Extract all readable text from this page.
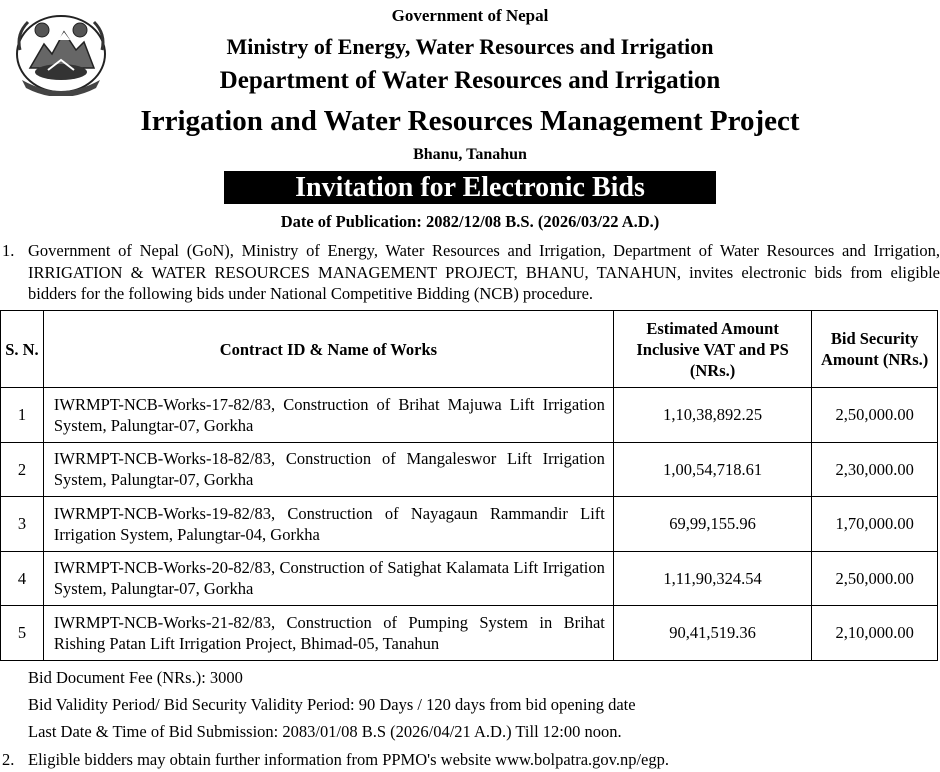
Government of Nepal
Ministry of Energy, Water Resources and Irrigation
Department of Water Resources and Irrigation
Irrigation and Water Resources Management Project
Bhanu, Tanahun
Invitation for Electronic Bids
Date of Publication: 2082/12/08 B.S. (2026/03/22 A.D.)
1. Government of Nepal (GoN), Ministry of Energy, Water Resources and Irrigation, Department of Water Resources and Irrigation, IRRIGATION & WATER RESOURCES MANAGEMENT PROJECT, BHANU, TANAHUN, invites electronic bids from eligible bidders for the following bids under National Competitive Bidding (NCB) procedure.
S. N.	Contract ID & Name of Works	Estimated Amount Inclusive VAT and PS (NRs.)	Bid Security Amount (NRs.)
1	IWRMPT-NCB-Works-17-82/83, Construction of Brihat Majuwa Lift Irrigation System, Palungtar-07, Gorkha	1,10,38,892.25	2,50,000.00
2	IWRMPT-NCB-Works-18-82/83, Construction of Mangaleswor Lift Irrigation System, Palungtar-07, Gorkha	1,00,54,718.61	2,30,000.00
3	IWRMPT-NCB-Works-19-82/83, Construction of Nayagaun Rammandir Lift Irrigation System, Palungtar-04, Gorkha	69,99,155.96	1,70,000.00
4	IWRMPT-NCB-Works-20-82/83, Construction of Satighat Kalamata Lift Irrigation System, Palungtar-07, Gorkha	1,11,90,324.54	2,50,000.00
5	IWRMPT-NCB-Works-21-82/83, Construction of Pumping System in Brihat Rishing Patan Lift Irrigation Project, Bhimad-05, Tanahun	90,41,519.36	2,10,000.00
Bid Document Fee (NRs.): 3000
Bid Validity Period/ Bid Security Validity Period: 90 Days / 120 days from bid opening date
Last Date & Time of Bid Submission: 2083/01/08 B.S (2026/04/21 A.D.) Till 12:00 noon.
2. Eligible bidders may obtain further information from PPMO's website www.bolpatra.gov.np/egp.
